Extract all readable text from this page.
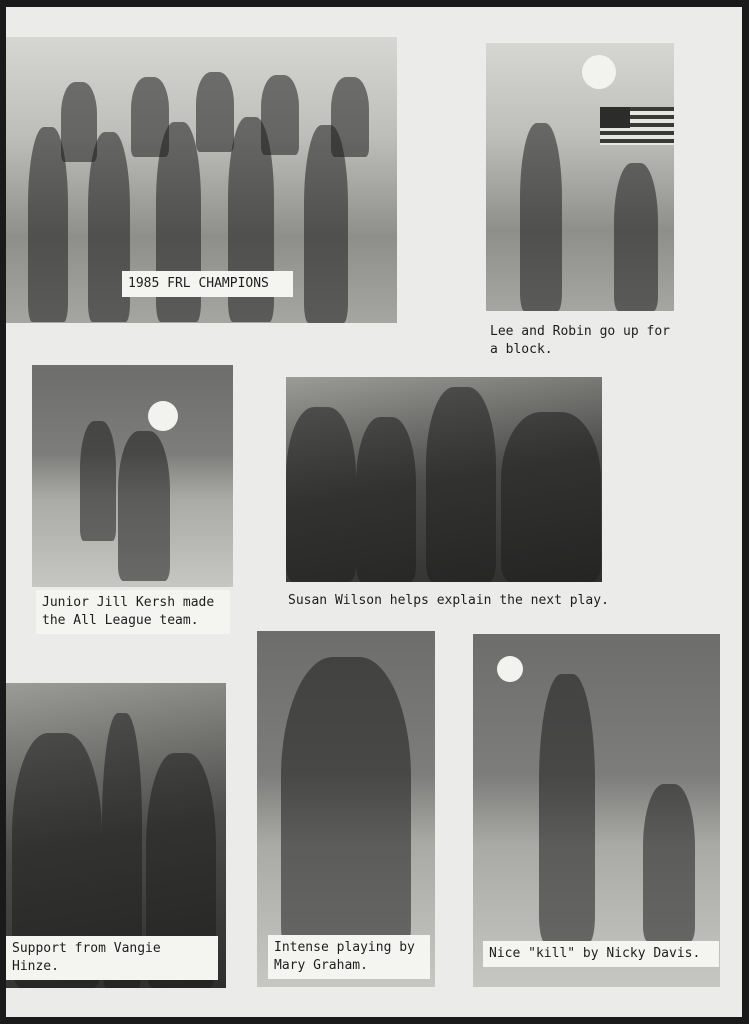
1985 FRL CHAMPIONS
Lee and Robin go up for
a block.
Junior Jill Kersh made
the All League team.
Susan Wilson helps explain the next play.
Support from Vangie Hinze.
Intense playing by
Mary Graham.
Nice "kill" by Nicky Davis.
